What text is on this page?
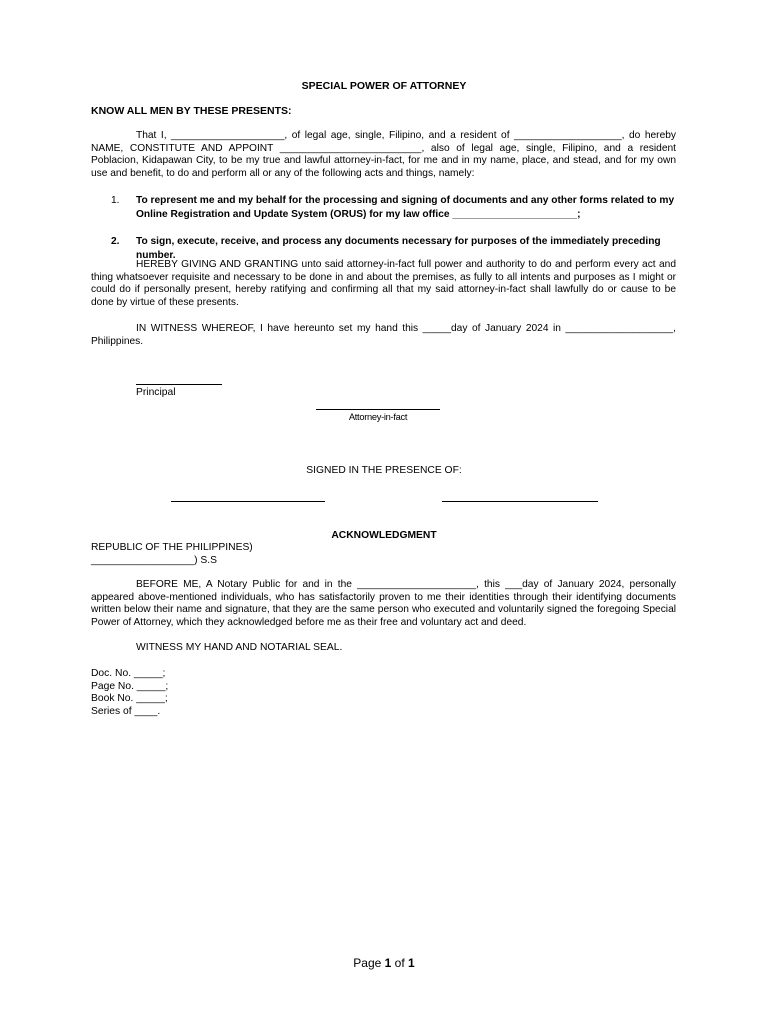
SPECIAL POWER OF ATTORNEY
KNOW ALL MEN BY THESE PRESENTS:
That I, ____________________, of legal age, single, Filipino, and a resident of ___________________, do hereby NAME, CONSTITUTE AND APPOINT _________________________, also of legal age, single, Filipino, and a resident Poblacion, Kidapawan City, to be my true and lawful attorney-in-fact, for me and in my name, place, and stead, and for my own use and benefit, to do and perform all or any of the following acts and things, namely:
1. To represent me and my behalf for the processing and signing of documents and any other forms related to my Online Registration and Update System (ORUS) for my law office ______________________;
2. To sign, execute, receive, and process any documents necessary for purposes of the immediately preceding number.
HEREBY GIVING AND GRANTING unto said attorney-in-fact full power and authority to do and perform every act and thing whatsoever requisite and necessary to be done in and about the premises, as fully to all intents and purposes as I might or could do if personally present, hereby ratifying and confirming all that my said attorney-in-fact shall lawfully do or cause to be done by virtue of these presents.
IN WITNESS WHEREOF, I have hereunto set my hand this _____day of January 2024 in ___________________, Philippines.
Principal
Attorney-in-fact
SIGNED IN THE PRESENCE OF:
ACKNOWLEDGMENT
REPUBLIC OF THE PHILIPPINES)
__________________) S.S
BEFORE ME, A Notary Public for and in the _____________________, this ___day of January 2024, personally appeared above-mentioned individuals, who has satisfactorily proven to me their identities through their identifying documents written below their name and signature, that they are the same person who executed and voluntarily signed the foregoing Special Power of Attorney, which they acknowledged before me as their free and voluntary act and deed.
WITNESS MY HAND AND NOTARIAL SEAL.
Doc. No. _____;
Page No. _____;
Book No. _____;
Series of ____.
Page 1 of 1
